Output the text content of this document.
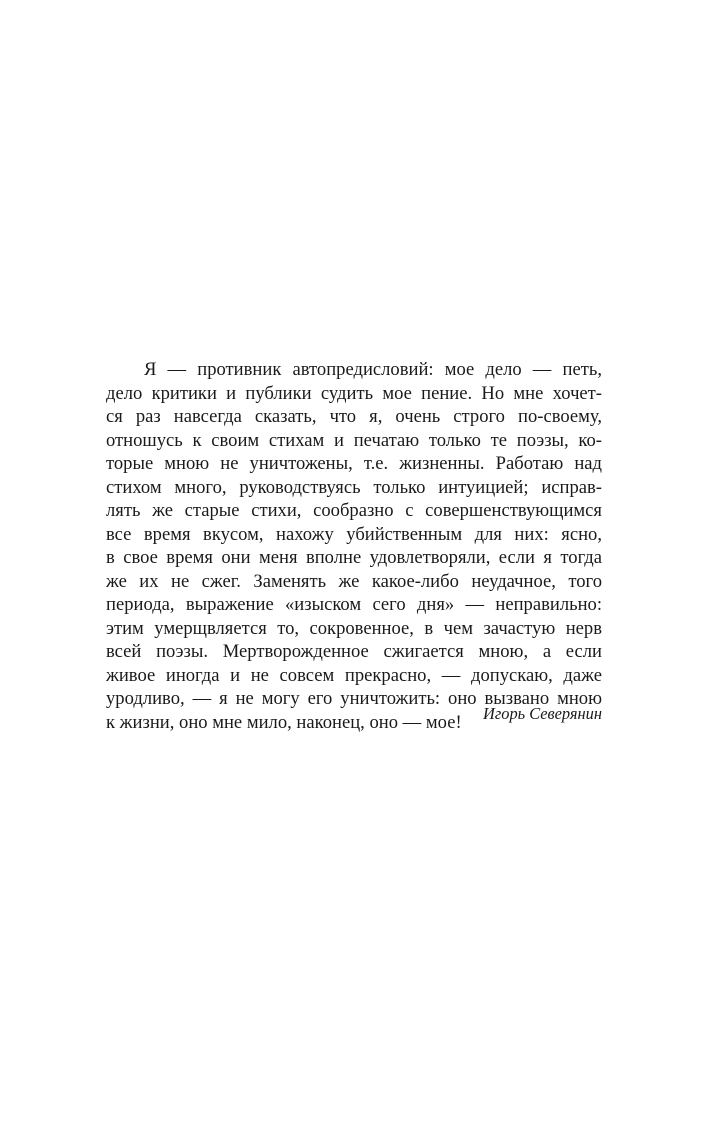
Я — противник автопредисловий: мое дело — петь,
дело критики и публики судить мое пение. Но мне хочет-
ся раз навсегда сказать, что я, очень строго по-своему,
отношусь к своим стихам и печатаю только те поэзы, ко-
торые мною не уничтожены, т.е. жизненны. Работаю над
стихом много, руководствуясь только интуицией; исправ-
лять же старые стихи, сообразно с совершенствующимся
все время вкусом, нахожу убийственным для них: ясно,
в свое время они меня вполне удовлетворяли, если я тогда
же их не сжег. Заменять же какое-либо неудачное, того
периода, выражение «изыском сего дня» — неправильно:
этим умерщвляется то, сокровенное, в чем зачастую нерв
всей поэзы. Мертворожденное сжигается мною, а если
живое иногда и не совсем прекрасно, — допускаю, даже
уродливо, — я не могу его уничтожить: оно вызвано мною
к жизни, оно мне мило, наконец, оно — мое!	Игорь Северянин
